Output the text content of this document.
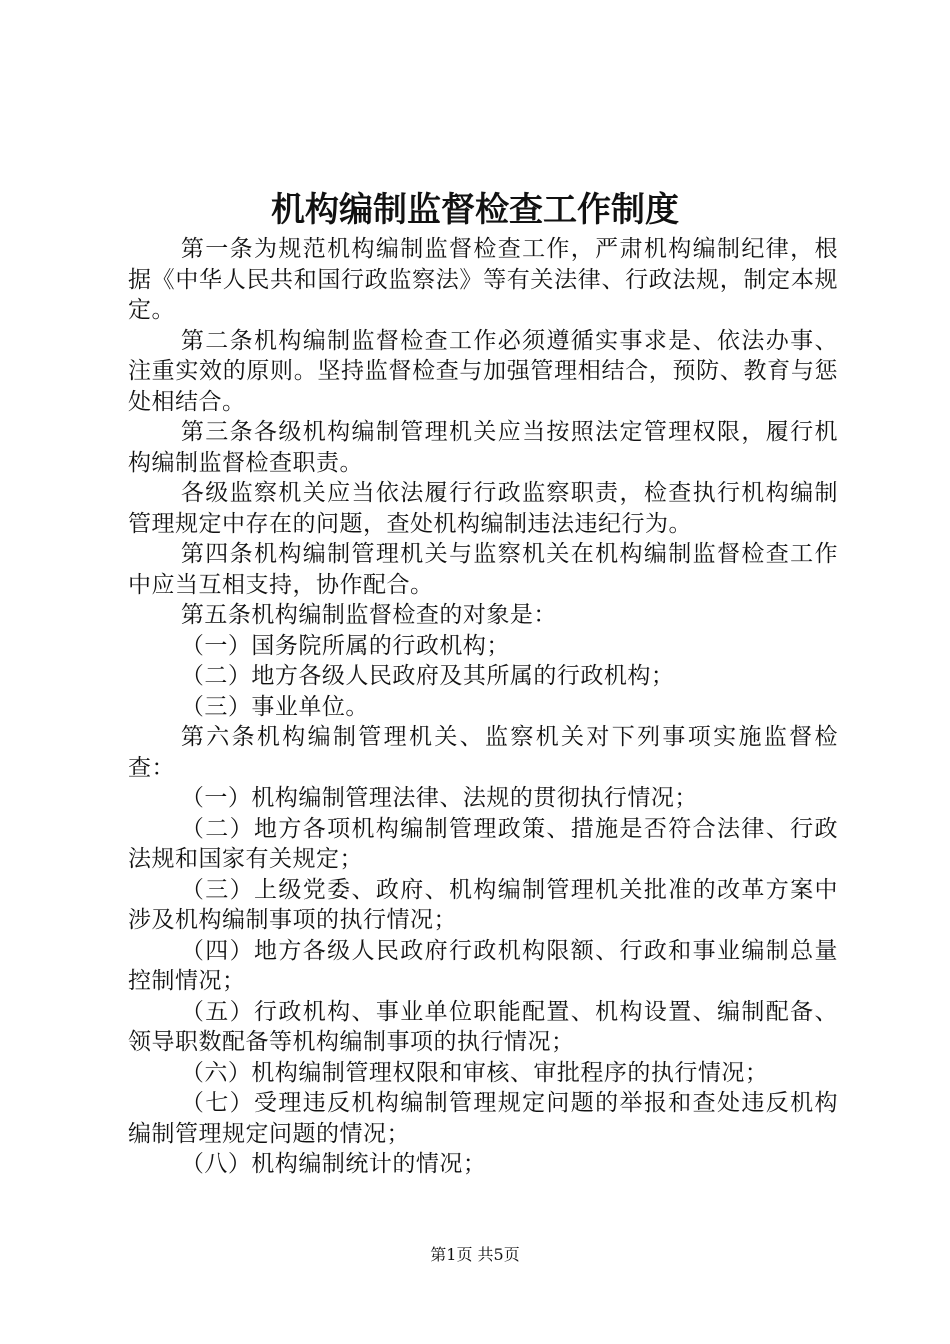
机构编制监督检查工作制度

第一条为规范机构编制监督检查工作，严肃机构编制纪律，根据《中华人民共和国行政监察法》等有关法律、行政法规，制定本规定。

第二条机构编制监督检查工作必须遵循实事求是、依法办事、注重实效的原则。坚持监督检查与加强管理相结合，预防、教育与惩处相结合。

第三条各级机构编制管理机关应当按照法定管理权限，履行机构编制监督检查职责。

各级监察机关应当依法履行行政监察职责，检查执行机构编制管理规定中存在的问题，查处机构编制违法违纪行为。

第四条机构编制管理机关与监察机关在机构编制监督检查工作中应当互相支持，协作配合。

第五条机构编制监督检查的对象是：

（一）国务院所属的行政机构；

（二）地方各级人民政府及其所属的行政机构；

（三）事业单位。

第六条机构编制管理机关、监察机关对下列事项实施监督检查：

（一）机构编制管理法律、法规的贯彻执行情况；

（二）地方各项机构编制管理政策、措施是否符合法律、行政法规和国家有关规定；

（三）上级党委、政府、机构编制管理机关批准的改革方案中涉及机构编制事项的执行情况；

（四）地方各级人民政府行政机构限额、行政和事业编制总量控制情况；

（五）行政机构、事业单位职能配置、机构设置、编制配备、领导职数配备等机构编制事项的执行情况；

（六）机构编制管理权限和审核、审批程序的执行情况；

（七）受理违反机构编制管理规定问题的举报和查处违反机构编制管理规定问题的情况；

（八）机构编制统计的情况；

第1页 共5页
